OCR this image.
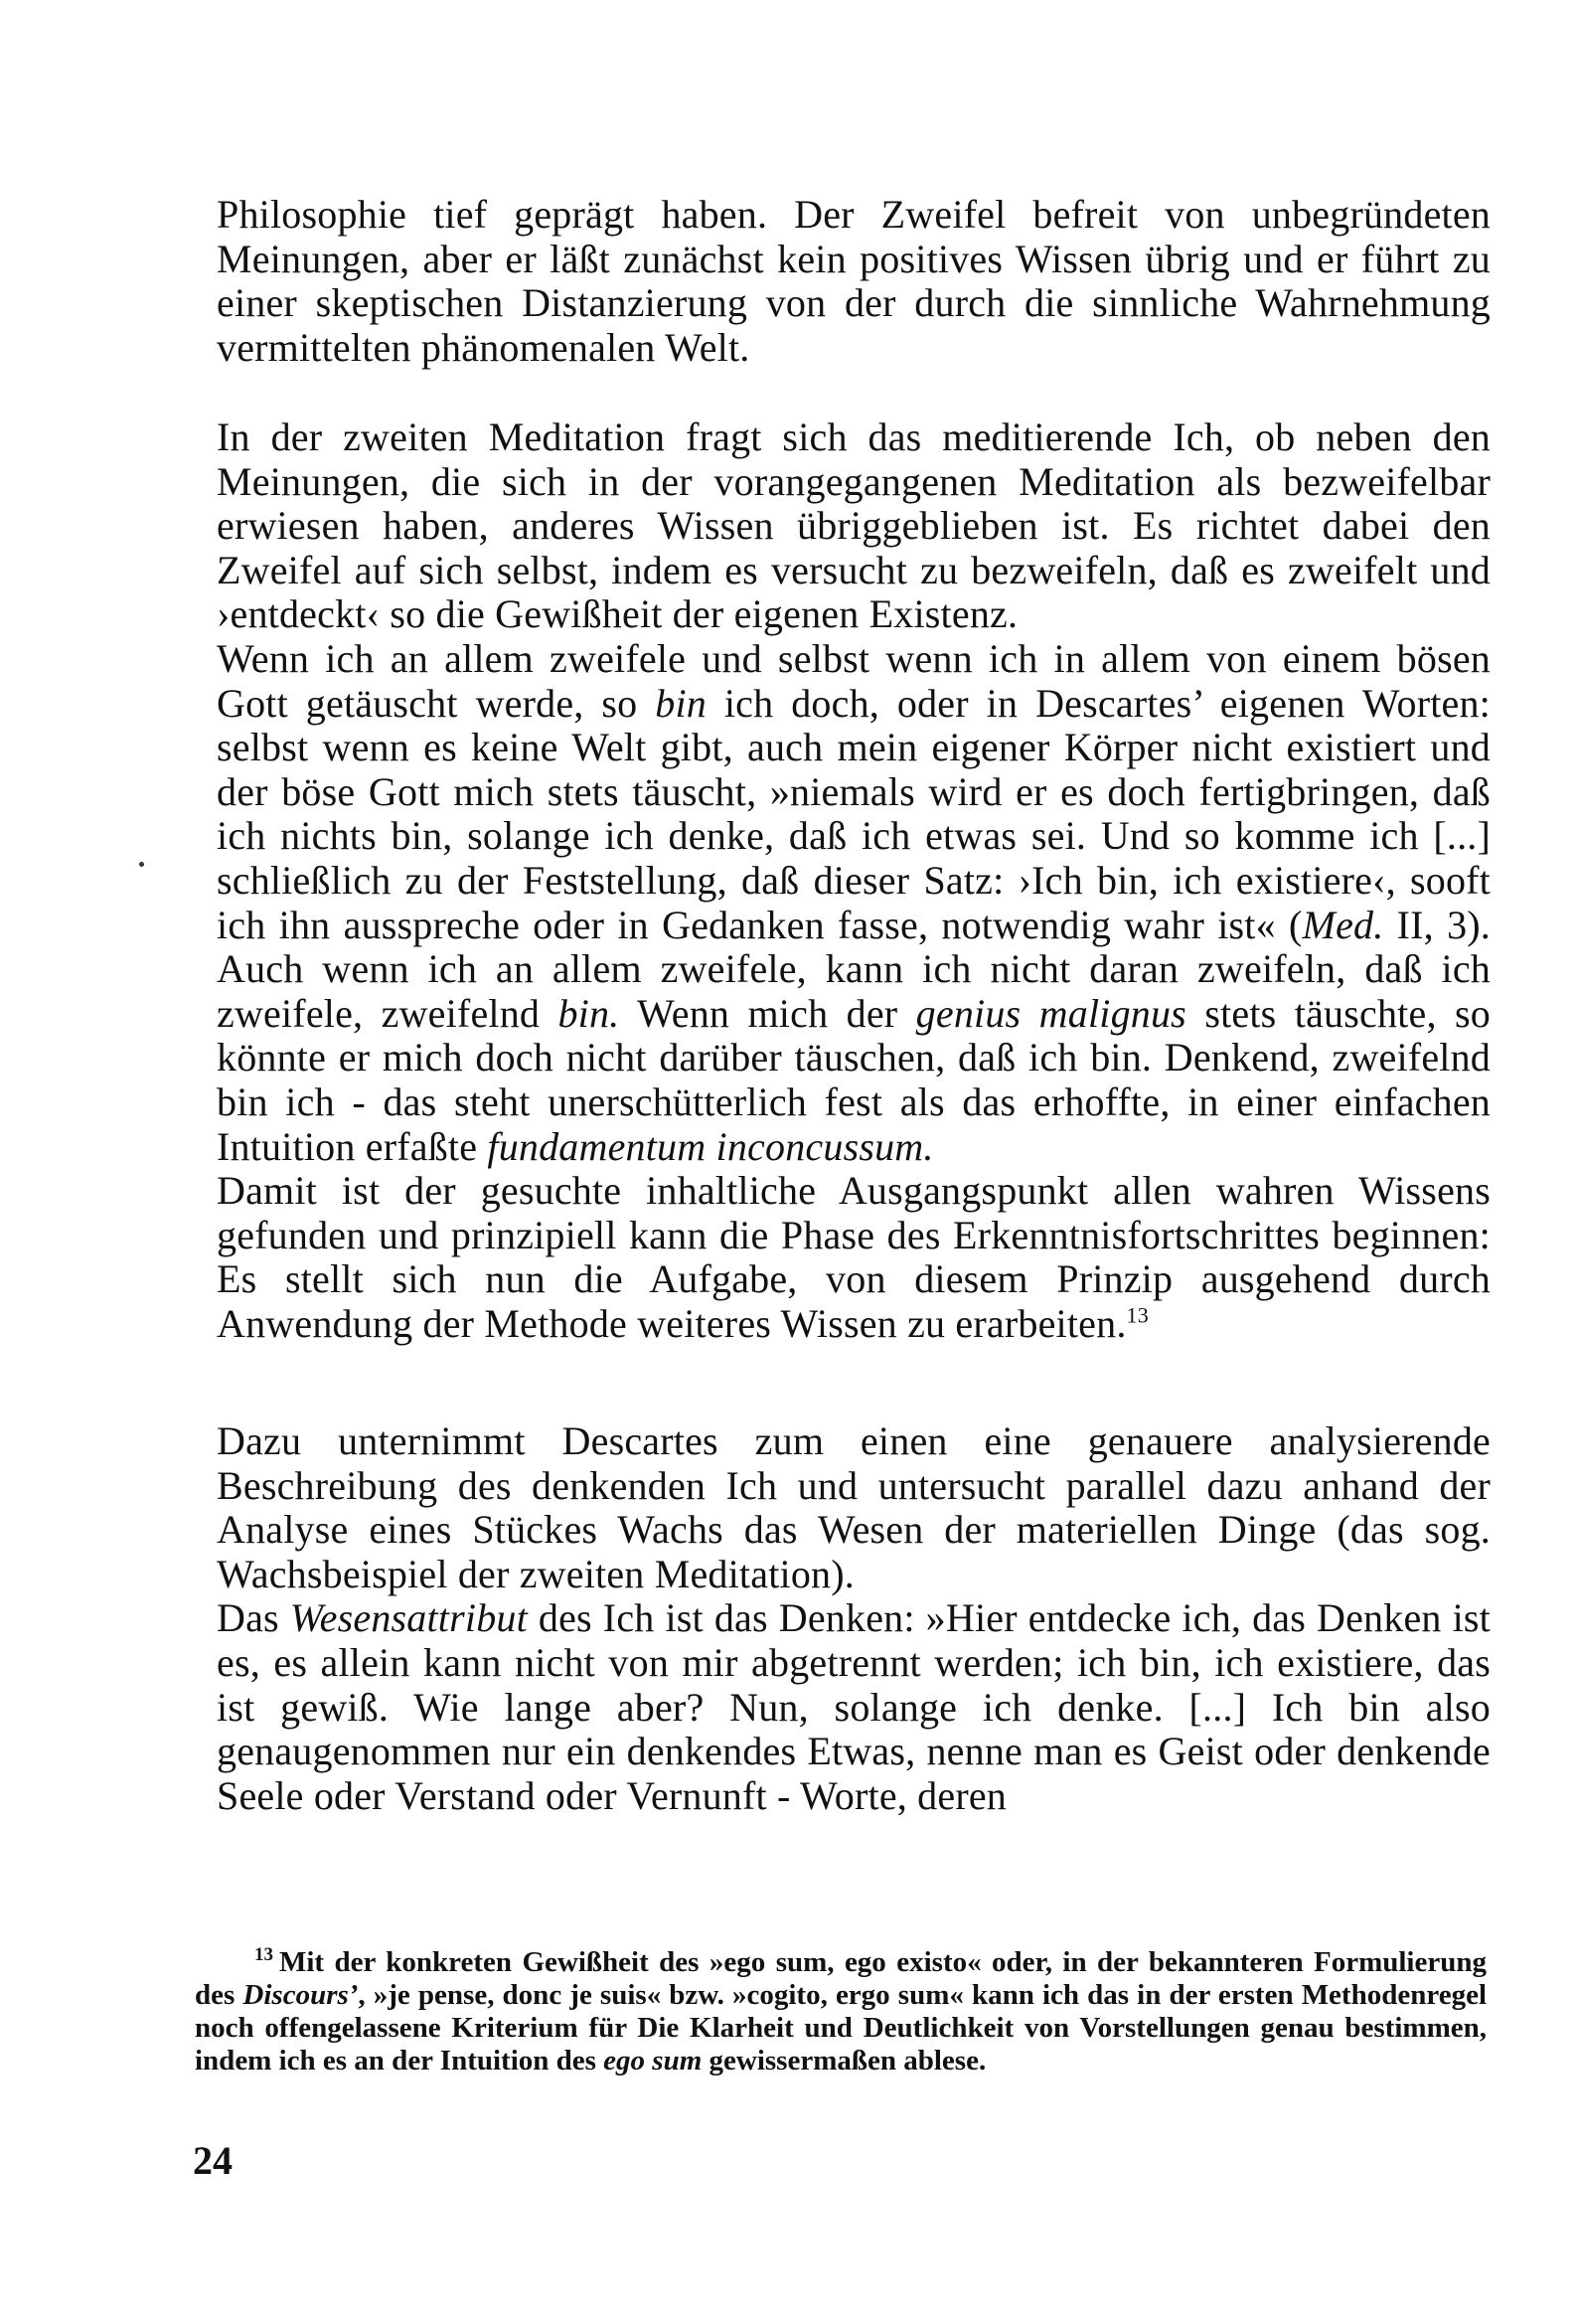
Philosophie tief geprägt haben. Der Zweifel befreit von unbegründeten Meinungen, aber er läßt zunächst kein positives Wissen übrig und er führt zu einer skeptischen Distanzierung von der durch die sinnliche Wahrnehmung vermittelten phänomenalen Welt.

In der zweiten Meditation fragt sich das meditierende Ich, ob neben den Meinungen, die sich in der vorangegangenen Meditation als bezweifelbar erwiesen haben, anderes Wissen übriggeblieben ist. Es richtet dabei den Zweifel auf sich selbst, indem es versucht zu bezweifeln, daß es zweifelt und ›entdeckt‹ so die Gewißheit der eigenen Existenz.

Wenn ich an allem zweifele und selbst wenn ich in allem von einem bösen Gott getäuscht werde, so bin ich doch, oder in Descartes’ eigenen Worten: selbst wenn es keine Welt gibt, auch mein eigener Körper nicht existiert und der böse Gott mich stets täuscht, »niemals wird er es doch fertigbringen, daß ich nichts bin, solange ich denke, daß ich etwas sei. Und so komme ich [...] schließlich zu der Feststellung, daß dieser Satz: ›Ich bin, ich existiere‹, sooft ich ihn ausspreche oder in Gedanken fasse, notwendig wahr ist« (Med. II, 3). Auch wenn ich an allem zweifele, kann ich nicht daran zweifeln, daß ich zweifele, zweifelnd bin. Wenn mich der genius malignus stets täuschte, so könnte er mich doch nicht darüber täuschen, daß ich bin. Denkend, zweifelnd bin ich - das steht unerschütterlich fest als das erhoffte, in einer einfachen Intuition erfaßte fundamentum inconcussum.

Damit ist der gesuchte inhaltliche Ausgangspunkt allen wahren Wissens gefunden und prinzipiell kann die Phase des Erkenntnisfortschrittes beginnen: Es stellt sich nun die Aufgabe, von diesem Prinzip ausgehend durch Anwendung der Methode weiteres Wissen zu erarbeiten.$^{13}$

Dazu unternimmt Descartes zum einen eine genauere analysierende Beschreibung des denkenden Ich und untersucht parallel dazu anhand der Analyse eines Stückes Wachs das Wesen der materiellen Dinge (das sog. Wachsbeispiel der zweiten Meditation).

Das Wesensattribut des Ich ist das Denken: »Hier entdecke ich, das Denken ist es, es allein kann nicht von mir abgetrennt werden; ich bin, ich existiere, das ist gewiß. Wie lange aber? Nun, solange ich denke. [...] Ich bin also genaugenommen nur ein denkendes Etwas, nenne man es Geist oder denkende Seele oder Verstand oder Vernunft - Worte, deren

$^{13}$ Mit der konkreten Gewißheit des »ego sum, ego existo« oder, in der bekannteren Formulierung des Discours’, »je pense, donc je suis« bzw. »cogito, ergo sum« kann ich das in der ersten Methodenregel noch offengelassene Kriterium für Die Klarheit und Deutlichkeit von Vorstellungen genau bestimmen, indem ich es an der Intuition des ego sum gewissermaßen ablese.
24
